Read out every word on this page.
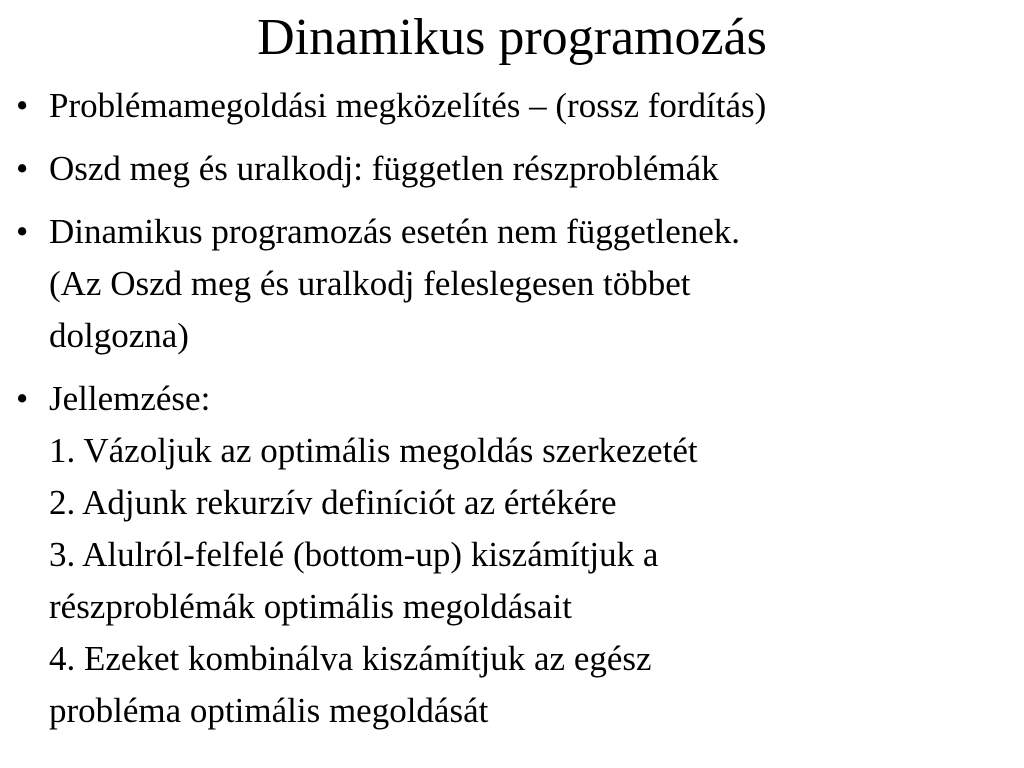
Dinamikus programozás
• Problémamegoldási megközelítés – (rossz fordítás)
• Oszd meg és uralkodj: független részproblémák
• Dinamikus programozás esetén nem függetlenek.
(Az Oszd meg és uralkodj feleslegesen többet
dolgozna)
• Jellemzése:
1. Vázoljuk az optimális megoldás szerkezetét
2. Adjunk rekurzív definíciót az értékére
3. Alulról-felfelé (bottom-up) kiszámítjuk a
részproblémák optimális megoldásait
4. Ezeket kombinálva kiszámítjuk az egész
probléma optimális megoldását
